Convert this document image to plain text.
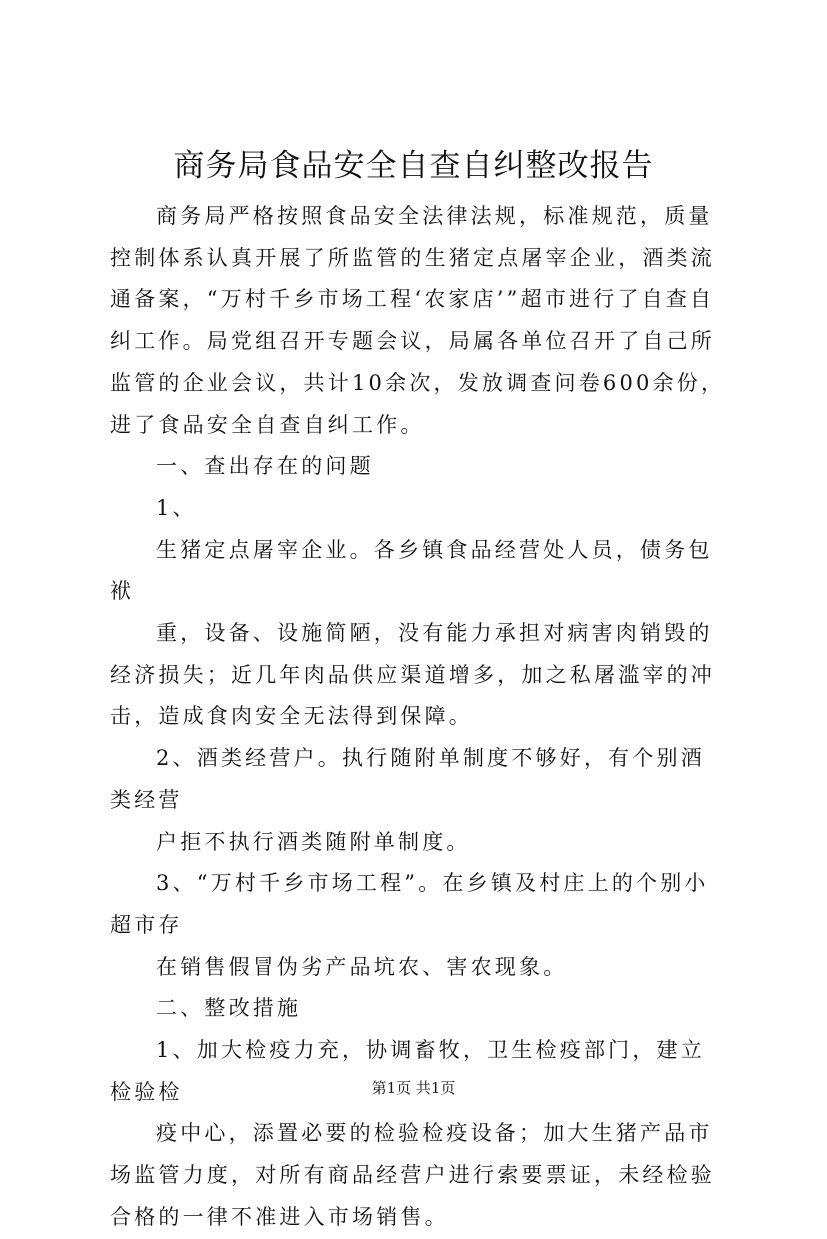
商务局食品安全自查自纠整改报告

商务局严格按照食品安全法律法规，标准规范，质量控制体系认真开展了所监管的生猪定点屠宰企业，酒类流通备案，“万村千乡市场工程‘农家店’”超市进行了自查自纠工作。局党组召开专题会议，局属各单位召开了自己所监管的企业会议，共计10余次，发放调查问卷600余份，进了食品安全自查自纠工作。

一、查出存在的问题

1、

生猪定点屠宰企业。各乡镇食品经营处人员，债务包袱

重，设备、设施简陋，没有能力承担对病害肉销毁的经济损失；近几年肉品供应渠道增多，加之私屠滥宰的冲击，造成食肉安全无法得到保障。

2、酒类经营户。执行随附单制度不够好，有个别酒类经营

户拒不执行酒类随附单制度。

3、“万村千乡市场工程”。在乡镇及村庄上的个别小超市存

在销售假冒伪劣产品坑农、害农现象。

二、整改措施

1、加大检疫力充，协调畜牧，卫生检疫部门，建立检验检

疫中心，添置必要的检验检疫设备；加大生猪产品市场监管力度，对所有商品经营户进行索要票证，未经检验合格的一律不准进入市场销售。

第1页 共1页
